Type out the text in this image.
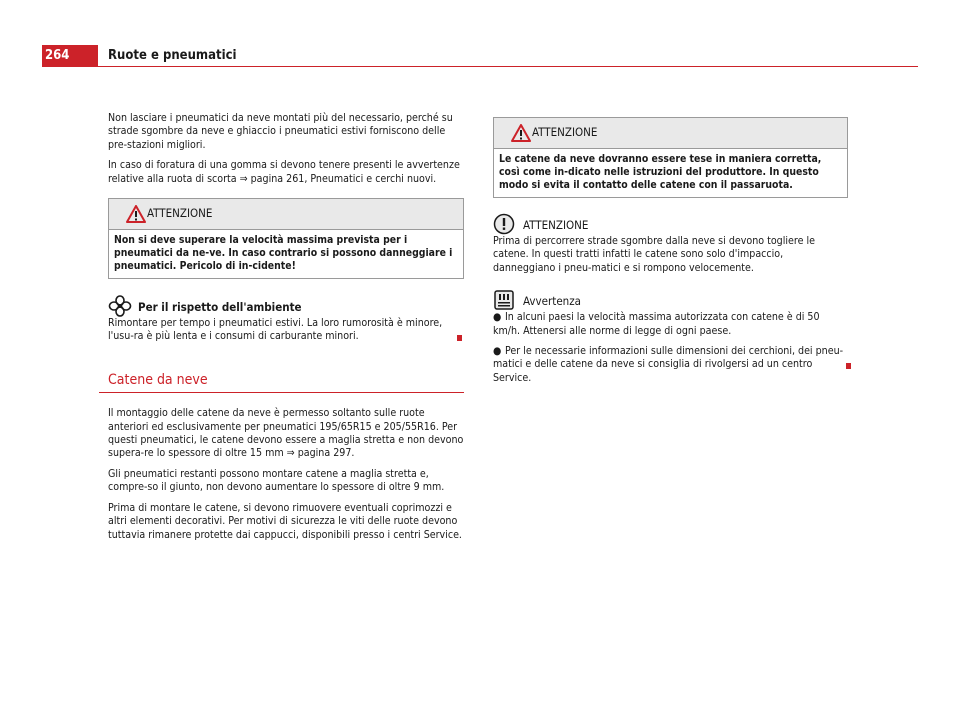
264	Ruote e pneumatici

Non lasciare i pneumatici da neve montati più del necessario, perché su strade sgombre da neve e ghiaccio i pneumatici estivi forniscono delle pre-stazioni migliori.

In caso di foratura di una gomma si devono tenere presenti le avvertenze relative alla ruota di scorta ⇒ pagina 261, Pneumatici e cerchi nuovi.

ATTENZIONE
Non si deve superare la velocità massima prevista per i pneumatici da ne-ve. In caso contrario si possono danneggiare i pneumatici. Pericolo di in-cidente!
Per il rispetto dell'ambiente

Rimontare per tempo i pneumatici estivi. La loro rumorosità è minore, l'usu-ra è più lenta e i consumi di carburante minori.

Catene da neve

Il montaggio delle catene da neve è permesso soltanto sulle ruote anteriori ed esclusivamente per pneumatici 195/65R15 e 205/55R16. Per questi pneumatici, le catene devono essere a maglia stretta e non devono supera-re lo spessore di oltre 15 mm ⇒ pagina 297.

Gli pneumatici restanti possono montare catene a maglia stretta e, compre-so il giunto, non devono aumentare lo spessore di oltre 9 mm.

Prima di montare le catene, si devono rimuovere eventuali coprimozzi e altri elementi decorativi. Per motivi di sicurezza le viti delle ruote devono tuttavia rimanere protette dai cappucci, disponibili presso i centri Service.

ATTENZIONE
Le catene da neve dovranno essere tese in maniera corretta, così come in-dicato nelle istruzioni del produttore. In questo modo si evita il contatto delle catene con il passaruota.
ATTENZIONE

Prima di percorrere strade sgombre dalla neve si devono togliere le catene. In questi tratti infatti le catene sono solo d'impaccio, danneggiano i pneu-matici e si rompono velocemente.

Avvertenza

● In alcuni paesi la velocità massima autorizzata con catene è di 50 km/h. Attenersi alle norme di legge di ogni paese.

● Per le necessarie informazioni sulle dimensioni dei cerchioni, dei pneu-matici e delle catene da neve si consiglia di rivolgersi ad un centro Service.
